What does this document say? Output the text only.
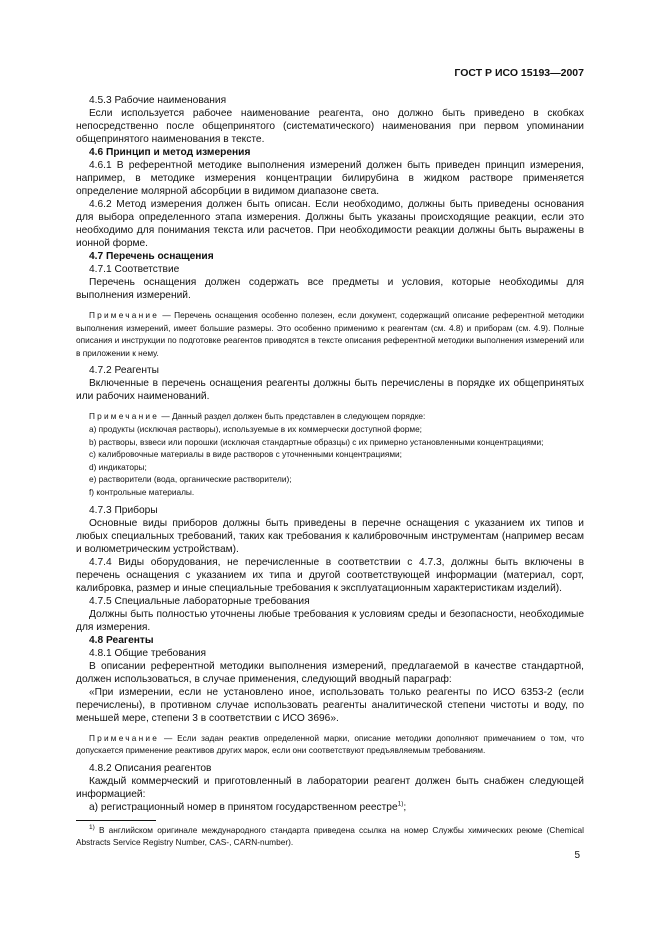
ГОСТ Р ИСО 15193—2007

4.5.3 Рабочие наименования

Если используется рабочее наименование реагента, оно должно быть приведено в скобках непосредственно после общепринятого (систематического) наименования при первом упоминании общепринятого наименования в тексте.

4.6 Принцип и метод измерения

4.6.1 В референтной методике выполнения измерений должен быть приведен принцип измерения, например, в методике измерения концентрации билирубина в жидком растворе применяется определение молярной абсорбции в видимом диапазоне света.

4.6.2 Метод измерения должен быть описан. Если необходимо, должны быть приведены основания для выбора определенного этапа измерения. Должны быть указаны происходящие реакции, если это необходимо для понимания текста или расчетов. При необходимости реакции должны быть выражены в ионной форме.

4.7 Перечень оснащения

4.7.1 Соответствие

Перечень оснащения должен содержать все предметы и условия, которые необходимы для выполнения измерений.

Примечание — Перечень оснащения особенно полезен, если документ, содержащий описание референтной методики выполнения измерений, имеет большие размеры. Это особенно применимо к реагентам (см. 4.8) и приборам (см. 4.9). Полные описания и инструкции по подготовке реагентов приводятся в тексте описания референтной методики выполнения измерений или в приложении к нему.

4.7.2 Реагенты

Включенные в перечень оснащения реагенты должны быть перечислены в порядке их общепринятых или рабочих наименований.

Примечание — Данный раздел должен быть представлен в следующем порядке:

a) продукты (исключая растворы), используемые в их коммерчески доступной форме;

b) растворы, взвеси или порошки (исключая стандартные образцы) с их примерно установленными концентрациями;

c) калибровочные материалы в виде растворов с уточненными концентрациями;

d) индикаторы;

e) растворители (вода, органические растворители);

f) контрольные материалы.

4.7.3 Приборы

Основные виды приборов должны быть приведены в перечне оснащения с указанием их типов и любых специальных требований, таких как требования к калибровочным инструментам (например весам и волюметрическим устройствам).

4.7.4 Виды оборудования, не перечисленные в соответствии с 4.7.3, должны быть включены в перечень оснащения с указанием их типа и другой соответствующей информации (материал, сорт, калибровка, размер и иные специальные требования к эксплуатационным характеристикам изделий).

4.7.5 Специальные лабораторные требования

Должны быть полностью уточнены любые требования к условиям среды и безопасности, необходимые для измерения.

4.8 Реагенты

4.8.1 Общие требования

В описании референтной методики выполнения измерений, предлагаемой в качестве стандартной, должен использоваться, в случае применения, следующий вводный параграф:

«При измерении, если не установлено иное, использовать только реагенты по ИСО 6353-2 (если перечислены), в противном случае использовать реагенты аналитической степени чистоты и воду, по меньшей мере, степени 3 в соответствии с ИСО 3696».

Примечание — Если задан реактив определенной марки, описание методики дополняют примечанием о том, что допускается применение реактивов других марок, если они соответствуют предъявляемым требованиям.

4.8.2 Описания реагентов

Каждый коммерческий и приготовленный в лаборатории реагент должен быть снабжен следующей информацией:

а) регистрационный номер в принятом государственном реестре$^{1)}$;

$^{1)}$ В английском оригинале международного стандарта приведена ссылка на номер Службы химических реюме (Chemical Abstracts Service Registry Number, CAS-, CARN-number).

5
